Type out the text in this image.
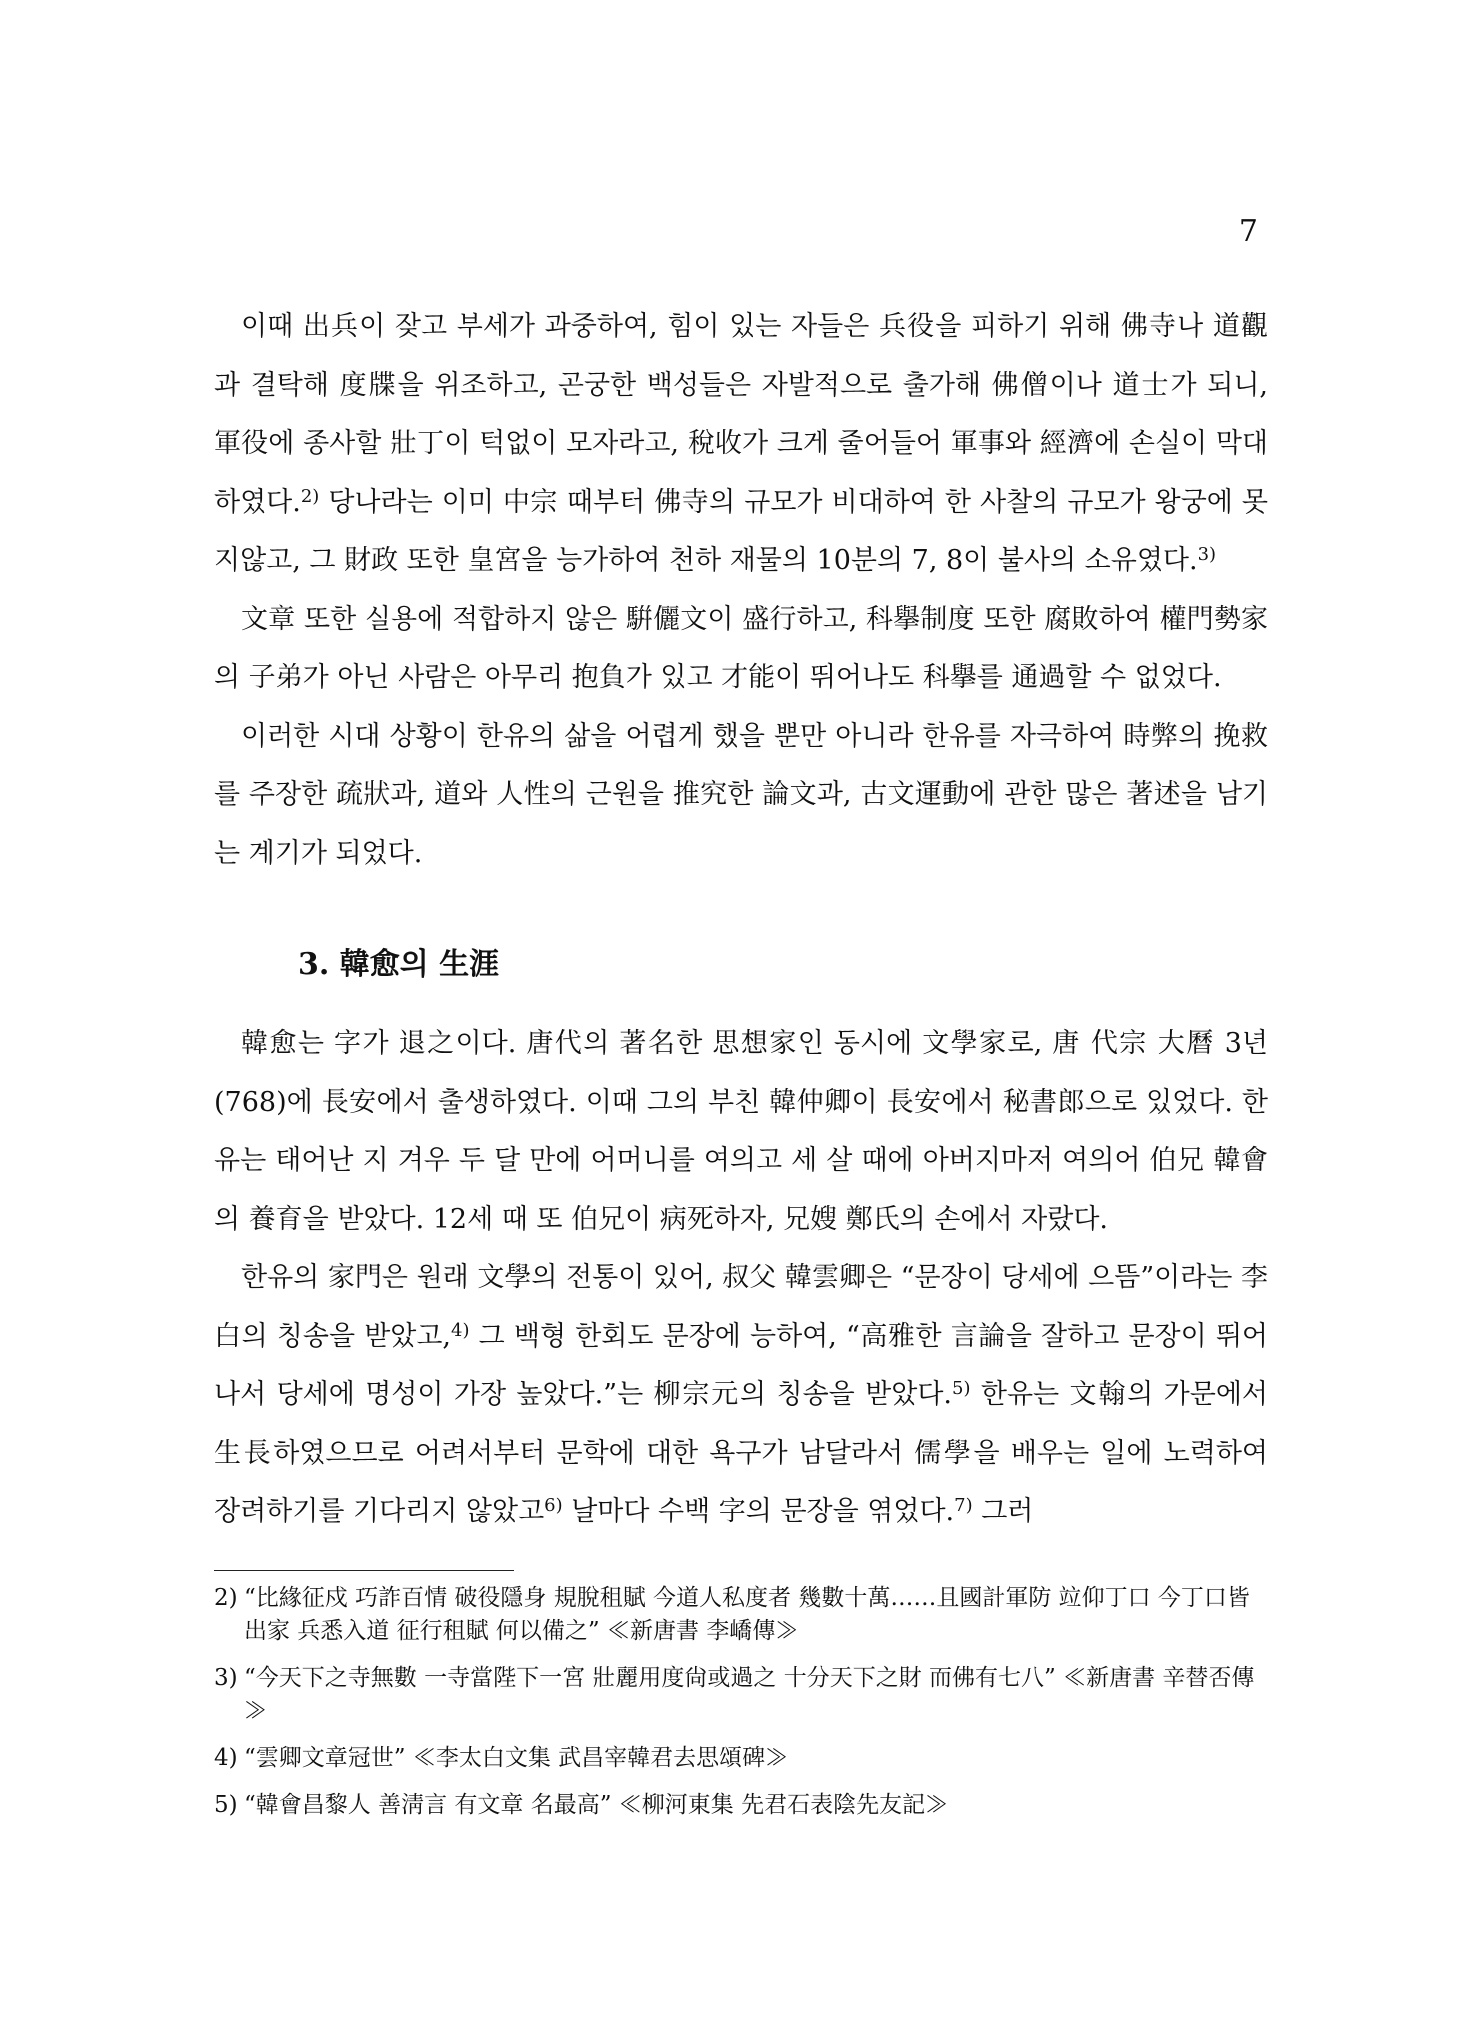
7

이때 出兵이 잦고 부세가 과중하여, 힘이 있는 자들은 兵役을 피하기 위해 佛寺나 道觀과 결탁해 度牒을 위조하고, 곤궁한 백성들은 자발적으로 출가해 佛僧이나 道士가 되니, 軍役에 종사할 壯丁이 턱없이 모자라고, 稅收가 크게 줄어들어 軍事와 經濟에 손실이 막대하였다.$^{2)}$ 당나라는 이미 中宗 때부터 佛寺의 규모가 비대하여 한 사찰의 규모가 왕궁에 못지않고, 그 財政 또한 皇宮을 능가하여 천하 재물의 10분의 7, 8이 불사의 소유였다.$^{3)}$

文章 또한 실용에 적합하지 않은 騈儷文이 盛行하고, 科擧制度 또한 腐敗하여 權門勢家의 子弟가 아닌 사람은 아무리 抱負가 있고 才能이 뛰어나도 科擧를 通過할 수 없었다.

이러한 시대 상황이 한유의 삶을 어렵게 했을 뿐만 아니라 한유를 자극하여 時弊의 挽救를 주장한 疏狀과, 道와 人性의 근원을 推究한 論文과, 古文運動에 관한 많은 著述을 남기는 계기가 되었다.

3. 韓愈의 生涯

韓愈는 字가 退之이다. 唐代의 著名한 思想家인 동시에 文學家로, 唐 代宗 大曆 3년(768)에 長安에서 출생하였다. 이때 그의 부친 韓仲卿이 長安에서 秘書郎으로 있었다. 한유는 태어난 지 겨우 두 달 만에 어머니를 여의고 세 살 때에 아버지마저 여의어 伯兄 韓會의 養育을 받았다. 12세 때 또 伯兄이 病死하자, 兄嫂 鄭氏의 손에서 자랐다.

한유의 家門은 원래 文學의 전통이 있어, 叔父 韓雲卿은 “문장이 당세에 으뜸”이라는 李白의 칭송을 받았고,$^{4)}$ 그 백형 한회도 문장에 능하여, “高雅한 言論을 잘하고 문장이 뛰어나서 당세에 명성이 가장 높았다.”는 柳宗元의 칭송을 받았다.$^{5)}$ 한유는 文翰의 가문에서 生長하였으므로 어려서부터 문학에 대한 욕구가 남달라서 儒學을 배우는 일에 노력하여 장려하기를 기다리지 않았고$^{6)}$ 날마다 수백 字의 문장을 엮었다.$^{7)}$ 그러

2) “比緣征戍 巧詐百情 破役隱身 規脫租賦 今道人私度者 幾數十萬……且國計軍防 竝仰丁口 今丁口皆出家 兵悉入道 征行租賦 何以備之” ≪新唐書 李嶠傳≫
3) “今天下之寺無數 一寺當陛下一宮 壯麗用度尙或過之 十分天下之財 而佛有七八” ≪新唐書 辛替否傳≫
4) “雲卿文章冠世” ≪李太白文集 武昌宰韓君去思頌碑≫
5) “韓會昌黎人 善淸言 有文章 名最高” ≪柳河東集 先君石表陰先友記≫
